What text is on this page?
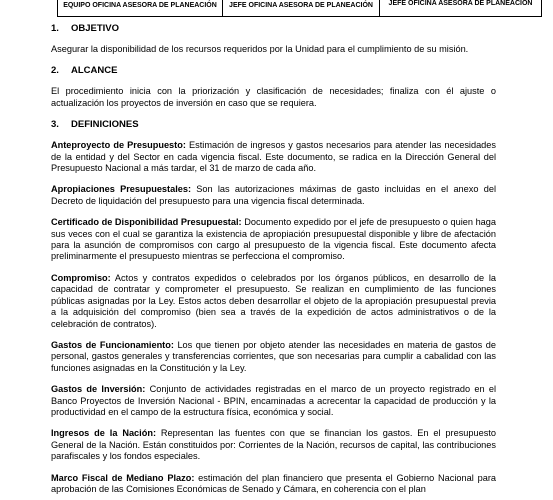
EQUIPO OFICINA ASESORA DE PLANEACIÓN	JEFE OFICINA ASESORA DE PLANEACIÓN	JEFE OFICINA ASESORA DE PLANEACIÓN
1.	OBJETIVO

Asegurar la disponibilidad de los recursos requeridos por la Unidad para el cumplimiento de su misión.

2.	ALCANCE

El procedimiento inicia con la priorización y clasificación de necesidades; finaliza con él ajuste o actualización los proyectos de inversión en caso que se requiera.

3.	DEFINICIONES

Anteproyecto de Presupuesto: Estimación de ingresos y gastos necesarios para atender las necesidades de la entidad y del Sector en cada vigencia fiscal. Este documento, se radica en la Dirección General del Presupuesto Nacional a más tardar, el 31 de marzo de cada año.

Apropiaciones Presupuestales: Son las autorizaciones máximas de gasto incluidas en el anexo del Decreto de liquidación del presupuesto para una vigencia fiscal determinada.

Certificado de Disponibilidad Presupuestal: Documento expedido por el jefe de presupuesto o quien haga sus veces con el cual se garantiza la existencia de apropiación presupuestal disponible y libre de afectación para la asunción de compromisos con cargo al presupuesto de la vigencia fiscal. Este documento afecta preliminarmente el presupuesto mientras se perfecciona el compromiso.

Compromiso: Actos y contratos expedidos o celebrados por los órganos públicos, en desarrollo de la capacidad de contratar y comprometer el presupuesto. Se realizan en cumplimiento de las funciones públicas asignadas por la Ley. Estos actos deben desarrollar el objeto de la apropiación presupuestal previa a la adquisición del compromiso (bien sea a través de la expedición de actos administrativos o de la celebración de contratos).

Gastos de Funcionamiento: Los que tienen por objeto atender las necesidades en materia de gastos de personal, gastos generales y transferencias corrientes, que son necesarias para cumplir a cabalidad con las funciones asignadas en la Constitución y la Ley.

Gastos de Inversión: Conjunto de actividades registradas en el marco de un proyecto registrado en el Banco Proyectos de Inversión Nacional - BPIN, encaminadas a acrecentar la capacidad de producción y la productividad en el campo de la estructura física, económica y social.

Ingresos de la Nación: Representan las fuentes con que se financian los gastos. En el presupuesto General de la Nación. Están constituidos por: Corrientes de la Nación, recursos de capital, las contribuciones parafiscales y los fondos especiales.

Marco Fiscal de Mediano Plazo: estimación del plan financiero que presenta el Gobierno Nacional para aprobación de las Comisiones Económicas de Senado y Cámara, en coherencia con el plan
